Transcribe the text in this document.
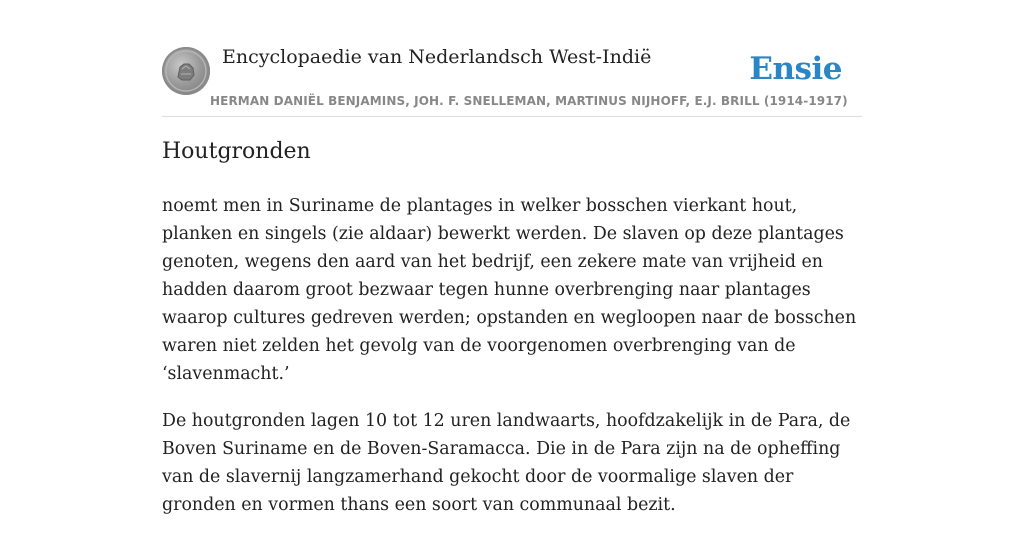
Encyclopaedie van Nederlandsch West-Indië	Ensie
HERMAN DANIËL BENJAMINS, JOH. F. SNELLEMAN, MARTINUS NIJHOFF, E.J. BRILL (1914-1917)
Houtgronden

noemt men in Suriname de plantages in welker bosschen vierkant hout, planken en singels (zie aldaar) bewerkt werden. De slaven op deze plantages genoten, wegens den aard van het bedrijf, een zekere mate van vrijheid en hadden daarom groot bezwaar tegen hunne overbrenging naar plantages waarop cultures gedreven werden; opstanden en wegloopen naar de bosschen waren niet zelden het gevolg van de voorgenomen overbrenging van de ‘slavenmacht.’

De houtgronden lagen 10 tot 12 uren landwaarts, hoofdzakelijk in de Para, de Boven Suriname en de Boven-Saramacca. Die in de Para zijn na de opheffing van de slavernij langzamerhand gekocht door de voormalige slaven der gronden en vormen thans een soort van communaal bezit.
